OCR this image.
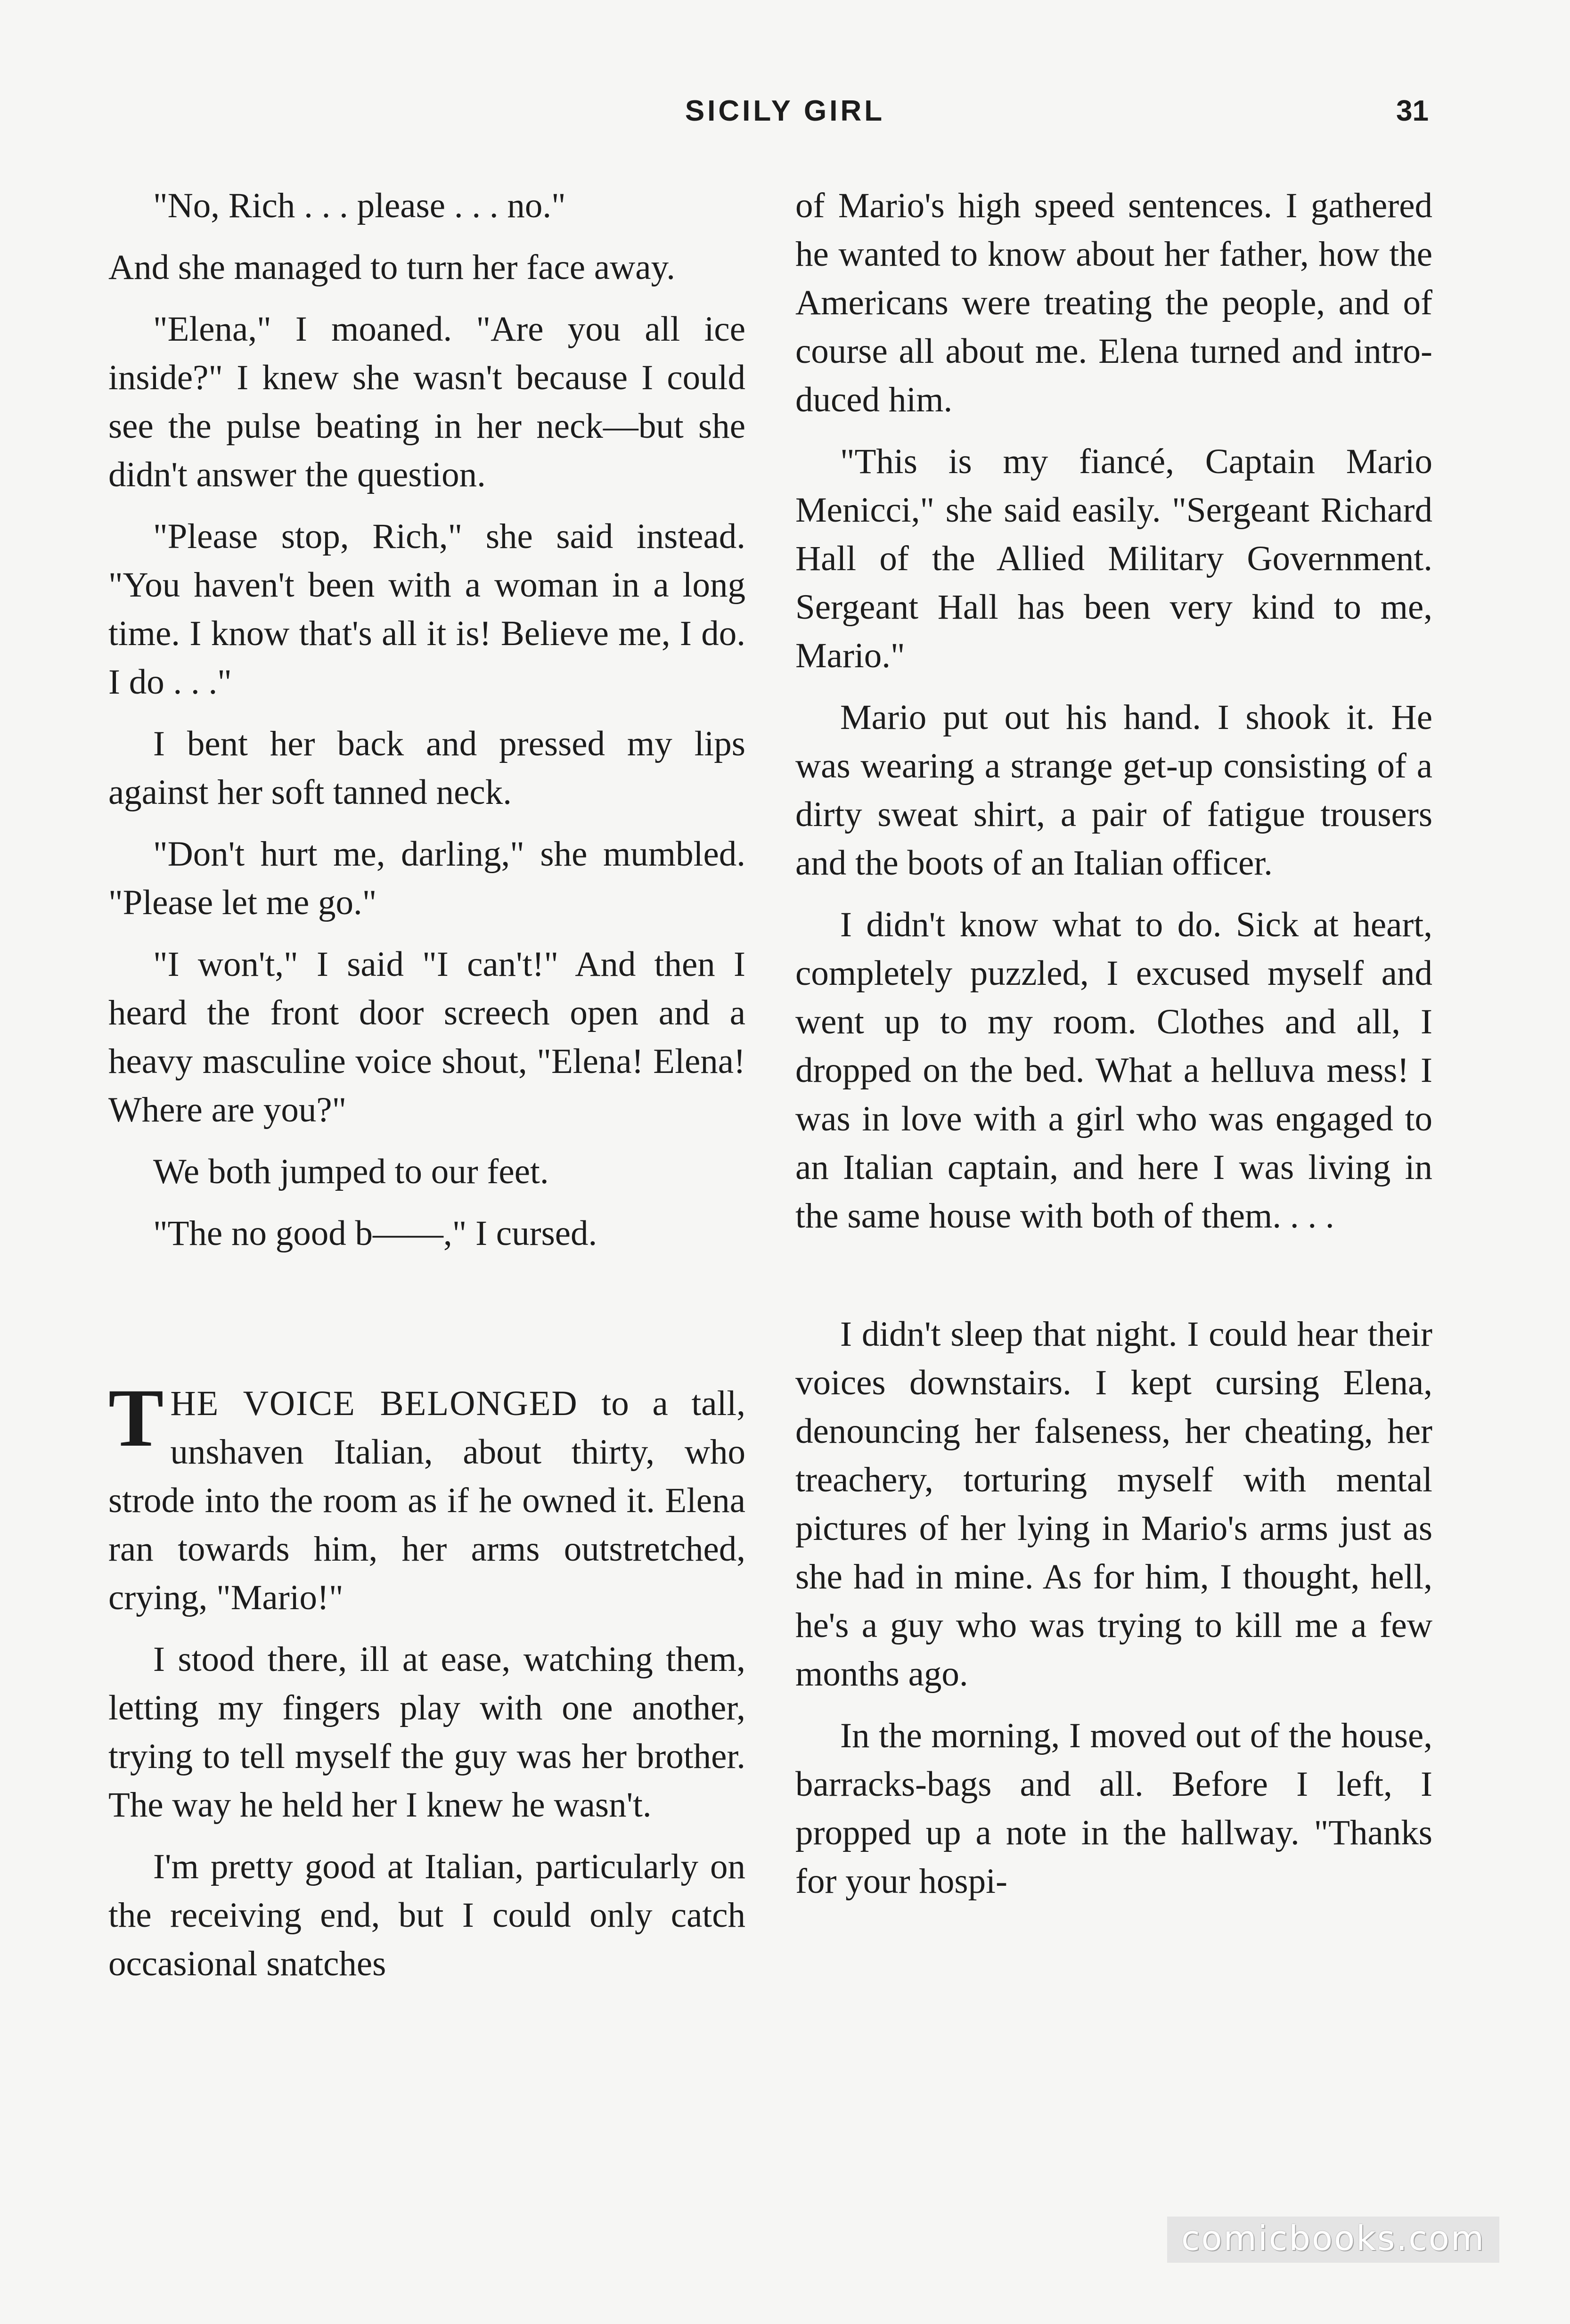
SICILY GIRL	31

"No, Rich . . . please . . . no."

And she managed to turn her face away.

"Elena," I moaned. "Are you all ice inside?" I knew she wasn't because I could see the pulse beating in her neck—but she didn't answer the question.

"Please stop, Rich," she said instead. "You haven't been with a woman in a long time. I know that's all it is! Believe me, I do. I do . . ."

I bent her back and pressed my lips against her soft tanned neck.

"Don't hurt me, darling," she mumbled. "Please let me go."

"I won't," I said "I can't!" And then I heard the front door screech open and a heavy masculine voice shout, "Elena! Elena! Where are you?"

We both jumped to our feet.

"The no good b——," I cursed.

THE VOICE BELONGED to a tall, unshaven Italian, about thirty, who strode into the room as if he owned it. Elena ran towards him, her arms outstretched, crying, "Mario!"

I stood there, ill at ease, watching them, letting my fingers play with one another, trying to tell myself the guy was her brother. The way he held her I knew he wasn't.

I'm pretty good at Italian, particularly on the receiving end, but I could only catch occasional snatches

of Mario's high speed sentences. I gathered he wanted to know about her father, how the Americans were treating the people, and of course all about me. Elena turned and introduced him.

"This is my fiancé, Captain Mario Menicci," she said easily. "Sergeant Richard Hall of the Allied Military Government. Sergeant Hall has been very kind to me, Mario."

Mario put out his hand. I shook it. He was wearing a strange get-up consisting of a dirty sweat shirt, a pair of fatigue trousers and the boots of an Italian officer.

I didn't know what to do. Sick at heart, completely puzzled, I excused myself and went up to my room. Clothes and all, I dropped on the bed. What a helluva mess! I was in love with a girl who was engaged to an Italian captain, and here I was living in the same house with both of them. . . .

I didn't sleep that night. I could hear their voices downstairs. I kept cursing Elena, denouncing her falseness, her cheating, her treachery, torturing myself with mental pictures of her lying in Mario's arms just as she had in mine. As for him, I thought, hell, he's a guy who was trying to kill me a few months ago.

In the morning, I moved out of the house, barracks-bags and all. Before I left, I propped up a note in the hallway. "Thanks for your hospi-

comicbooks.com
